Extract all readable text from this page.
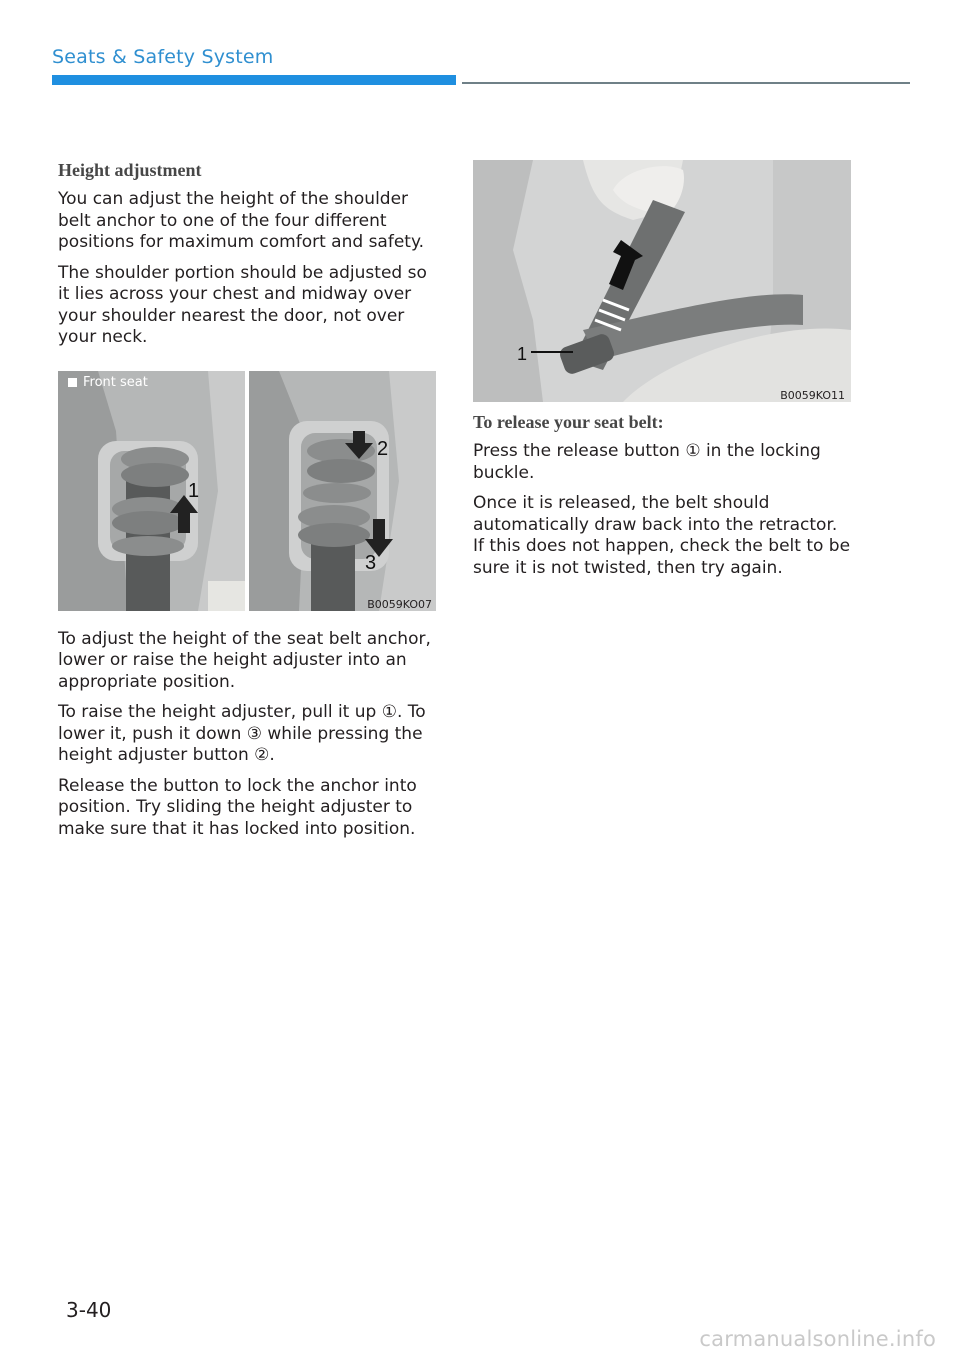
Seats & Safety System
Height adjustment

You can adjust the height of the shoulder belt anchor to one of the four different positions for maximum comfort and safety.

The shoulder portion should be adjusted so it lies across your chest and midway over your shoulder nearest the door, not over your neck.

1
2
3
Front seat
B0059KO07

To adjust the height of the seat belt anchor, lower or raise the height adjuster into an appropriate position.

To raise the height adjuster, pull it up ①. To lower it, push it down ③ while pressing the height adjuster button ②.

Release the button to lock the anchor into position. Try sliding the height adjuster to make sure that it has locked into position.

1
B0059KO11
To release your seat belt:

Press the release button ① in the locking buckle.

Once it is released, the belt should automatically draw back into the retractor. If this does not happen, check the belt to be sure it is not twisted, then try again.

3-40
carmanualsonline.info
